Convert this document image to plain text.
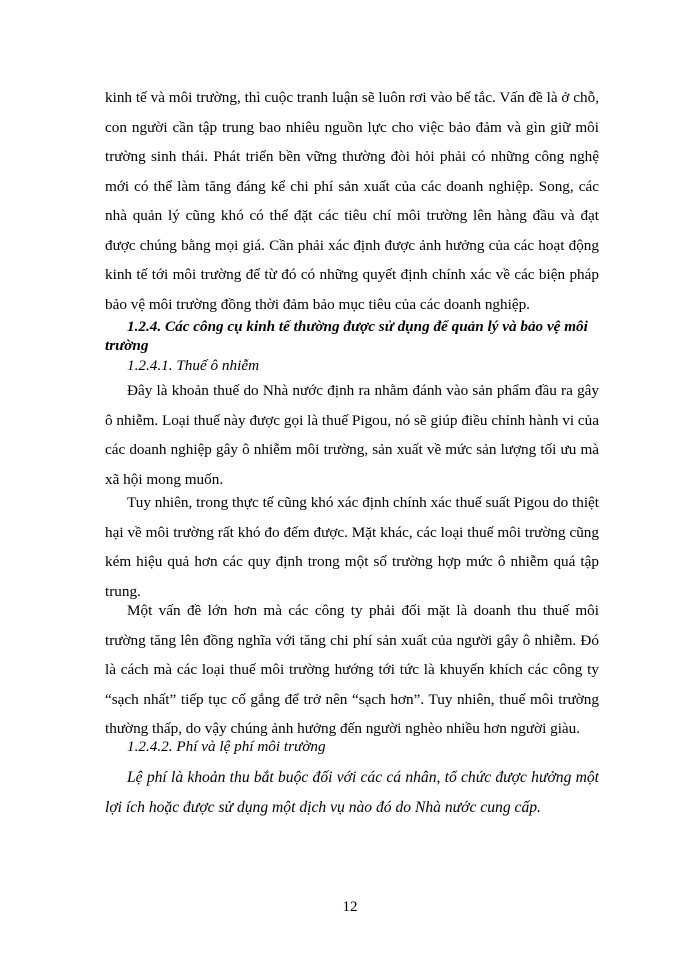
kinh tế và môi trường, thì cuộc tranh luận sẽ luôn rơi vào bế tắc. Vấn đề là ở chỗ, con người cần tập trung bao nhiêu nguồn lực cho việc bảo đảm và gìn giữ môi trường sinh thái. Phát triển bền vững thường đòi hỏi phải có những công nghệ mới có thể làm tăng đáng kể chi phí sản xuất của các doanh nghiệp. Song, các nhà quản lý cũng khó có thể đặt các tiêu chí môi trường lên hàng đầu và đạt được chúng bằng mọi giá. Cần phải xác định được ảnh hưởng của các hoạt động kinh tế tới môi trường để từ đó có những quyết định chính xác về các biện pháp bảo vệ môi trường đồng thời đảm bảo mục tiêu của các doanh nghiệp.

1.2.4. Các công cụ kinh tế thường được sử dụng để quản lý và bảo vệ môi trường

1.2.4.1. Thuế ô nhiễm

Đây là khoản thuế do Nhà nước định ra nhằm đánh vào sản phẩm đầu ra gây ô nhiễm. Loại thuế này được gọi là thuế Pigou, nó sẽ giúp điều chỉnh hành vi của các doanh nghiệp gây ô nhiễm môi trường, sản xuất về mức sản lượng tối ưu mà xã hội mong muốn.

Tuy nhiên, trong thực tế cũng khó xác định chính xác thuế suất Pigou do thiệt hại về môi trường rất khó đo đếm được. Mặt khác, các loại thuế môi trường cũng kém hiệu quả hơn các quy định trong một số trường hợp mức ô nhiễm quá tập trung.

Một vấn đề lớn hơn mà các công ty phải đối mặt là doanh thu thuế môi trường tăng lên đồng nghĩa với tăng chi phí sản xuất của người gây ô nhiễm. Đó là cách mà các loại thuế môi trường hướng tới tức là khuyến khích các công ty “sạch nhất” tiếp tục cố gắng để trở nên “sạch hơn”. Tuy nhiên, thuế môi trường thường thấp, do vậy chúng ảnh hưởng đến người nghèo nhiều hơn người giàu.

1.2.4.2. Phí và lệ phí môi trường

Lệ phí là khoản thu bắt buộc đối với các cá nhân, tổ chức được hưởng một lợi ích hoặc được sử dụng một dịch vụ nào đó do Nhà nước cung cấp.

12
